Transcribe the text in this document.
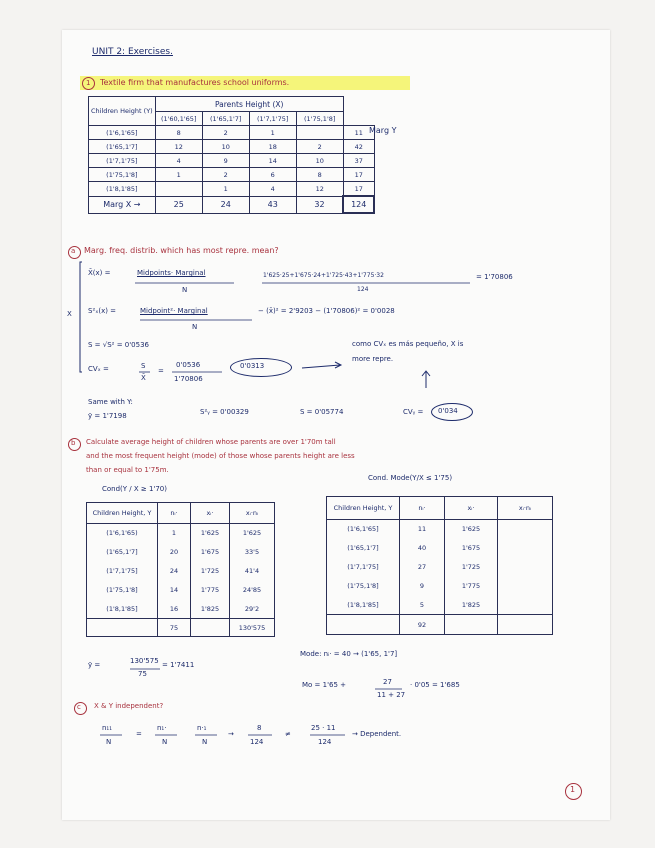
UNIT 2: Exercises.
1 Textile firm that manufactures school uniforms.
Children Height (Y)	Parents Height (X)				
	(1'60,1'65]	(1'65,1'7]	(1'7,1'75]	(1'75,1'8]	
(1'6,1'65]	8	2	1		11
(1'65,1'7]	12	10	18	2	42
(1'7,1'75]	4	9	14	10	37
(1'75,1'8]	1	2	6	8	17
(1'8,1'85]		1	4	12	17
Marg X →	25	24	43	32	124
Marg Y
a Marg. freq. distrib. which has most repre. mean?
X
X̄(x) =	Midpoints· Marginal
N
1'625·25+1'675·24+1'725·43+1'775·32
124
= 1'70806
S²ₓ(x) =	Midpoint²· Marginal
N
− (x̄)² = 2'9203 − (1'70806)² = 0'0028
S = √S² = 0'0536
CVₓ =	S
X̄
=
0'0536
1'70806
0'0313
como CVₓ es más pequeño, X is
more repre.
Same with Y:
ȳ = 1'7198	S²ᵧ = 0'00329	S = 0'05774	CVᵧ = 0'034
b Calculate average height of children whose parents are over 1'70m tall
and the most frequent height (mode) of those whose parents height are less
than or equal to 1'75m.
Cond(Y / X ≥ 1'70)
Cond. Mode(Y/X ≤ 1'75)
Children Height, Y	nᵢ·	xᵢ·	xᵢ·nᵢ
(1'6,1'65)	1	1'625	1'625
(1'65,1'7]	20	1'675	33'5
(1'7,1'75]	24	1'725	41'4
(1'75,1'8]	14	1'775	24'85
(1'8,1'85]	16	1'825	29'2
	75		130'575
Children Height, Y	nᵢ·	xᵢ·	xᵢ·nᵢ
(1'6,1'65]	11	1'625	
(1'65,1'7]	40	1'675	
(1'7,1'75]	27	1'725	
(1'75,1'8]	9	1'775	
(1'8,1'85]	5	1'825	
	92		
ȳ =	130'575
75
= 1'7411
Mode: nᵢ· = 40 → (1'65, 1'7]
Mo = 1'65 +	27
11 + 27
· 0'05 = 1'685
c X & Y independent?
n₁₁
N
=
n₁·
N
n·₁
N
→
8
124
≠
25 · 11
124
→ Dependent.
1
